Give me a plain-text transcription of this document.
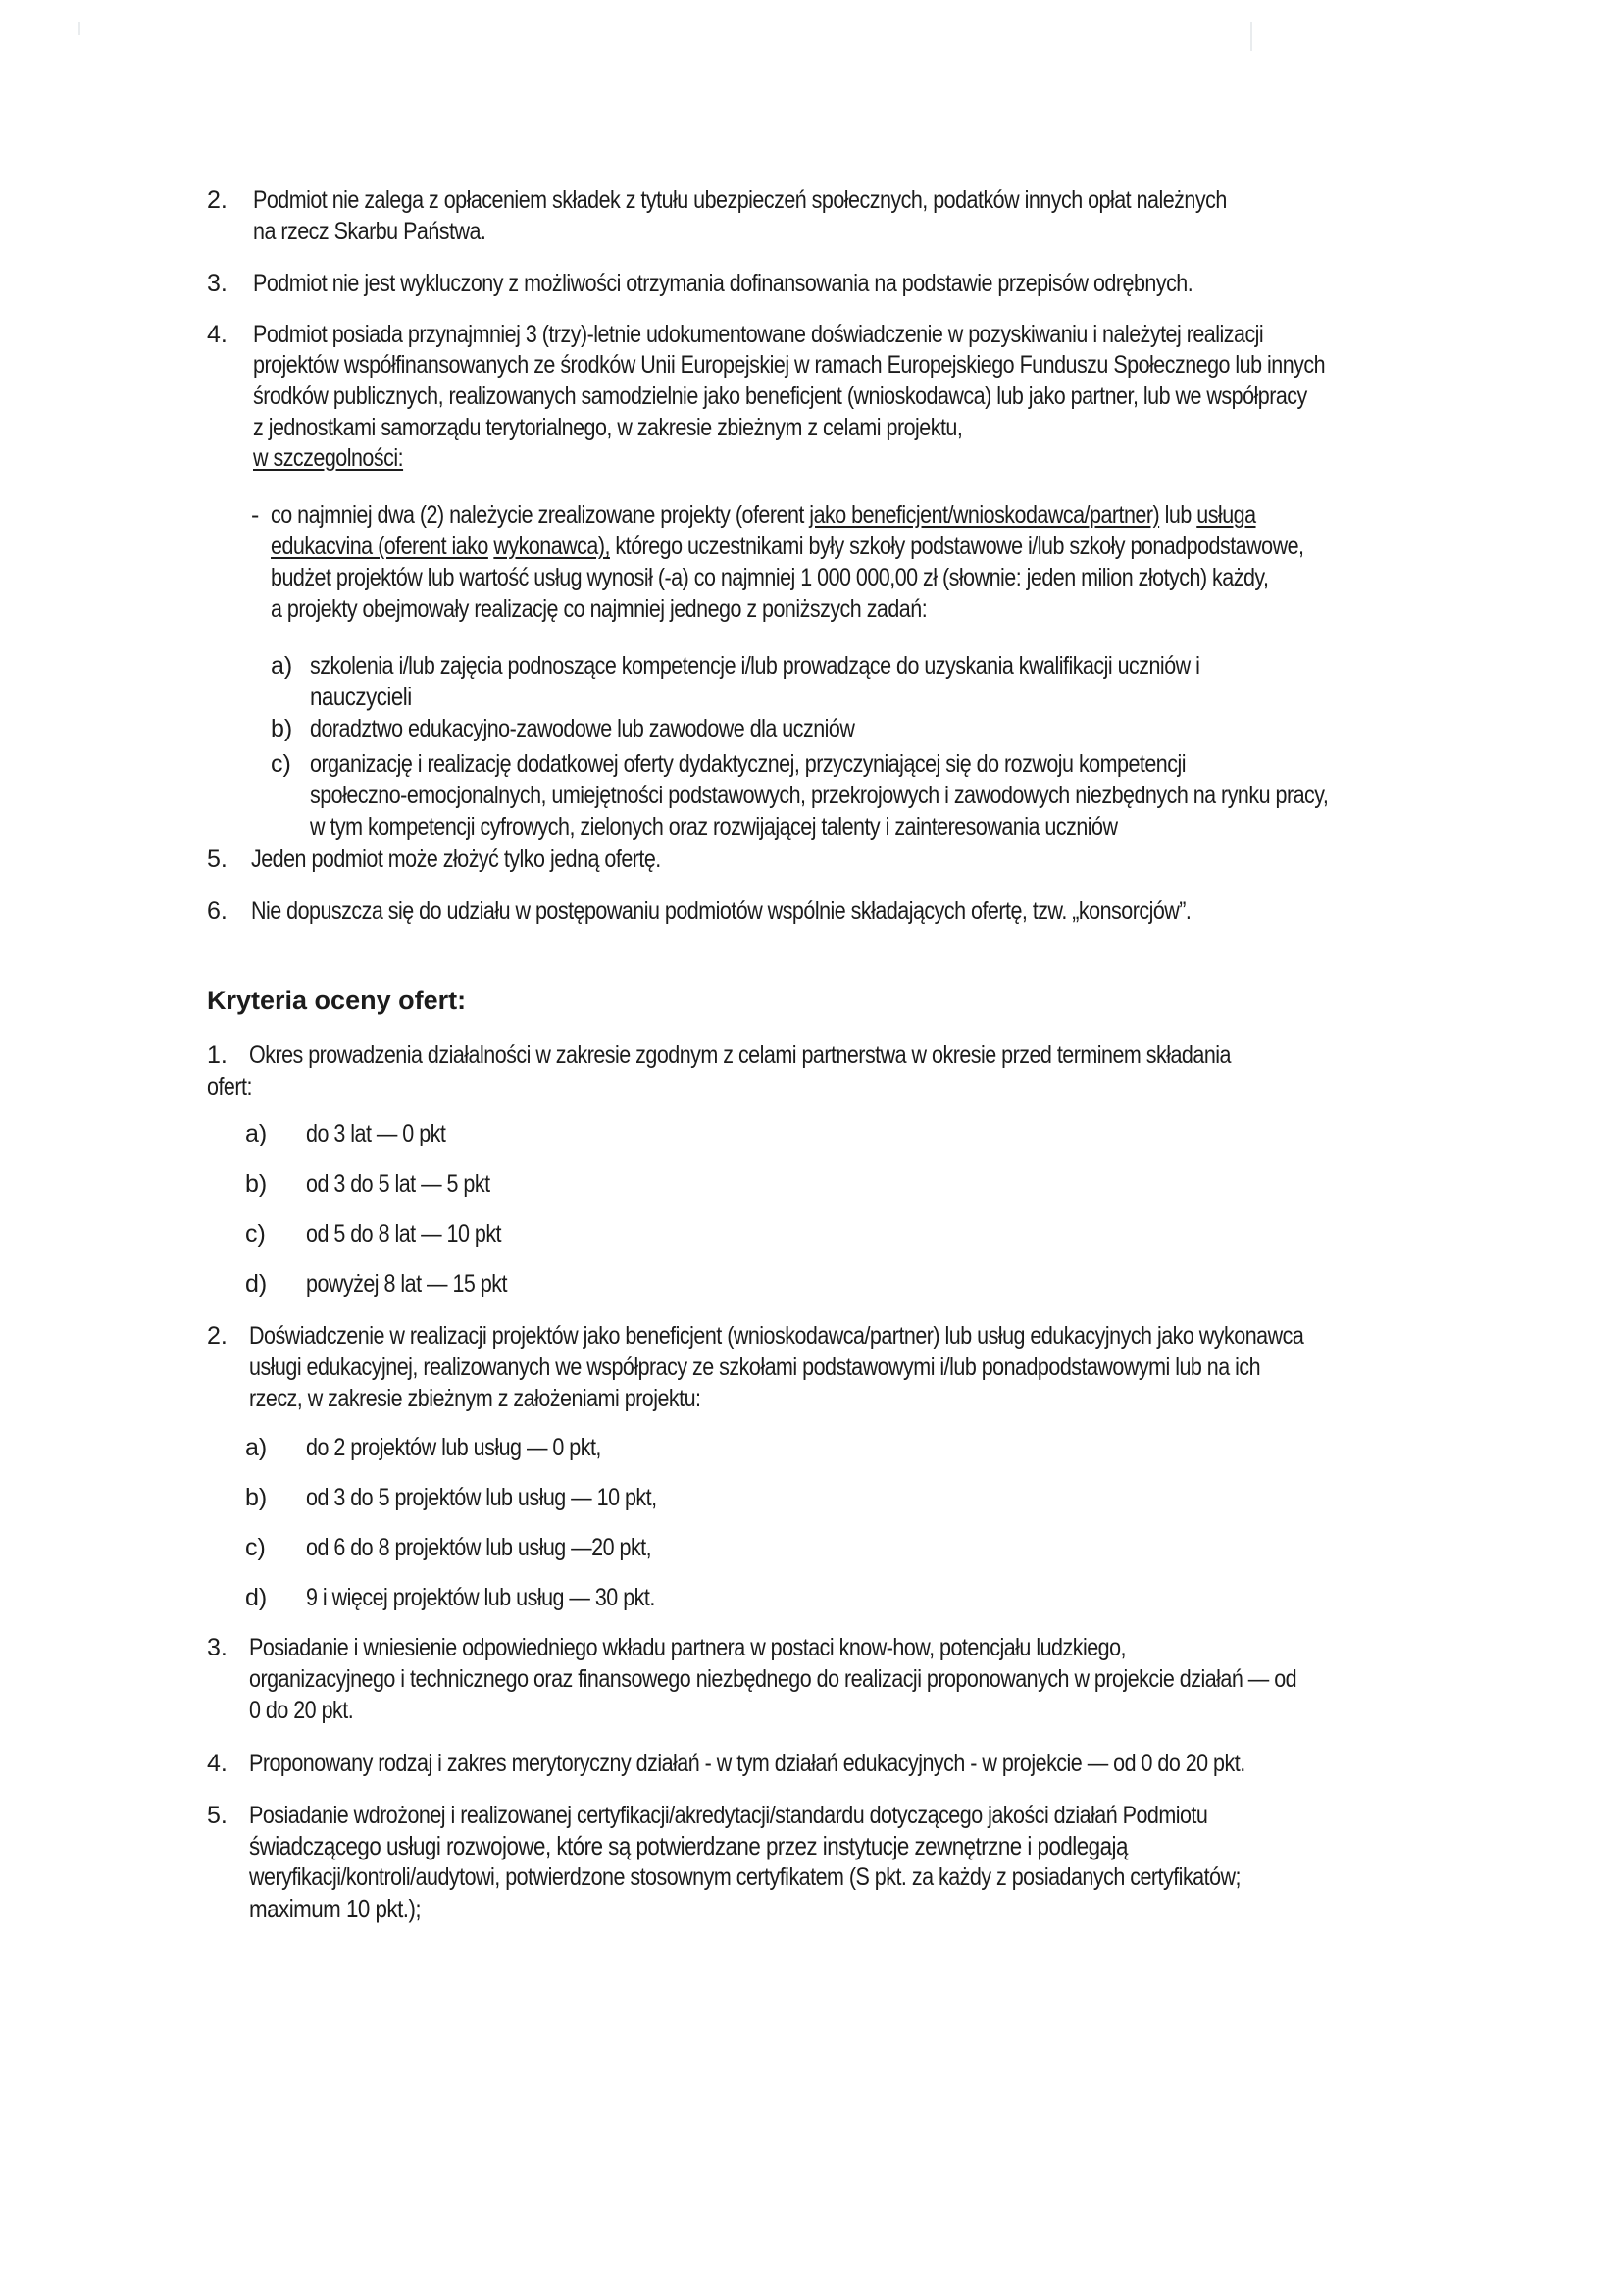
2. Podmiot nie zalega z opłaceniem składek z tytułu ubezpieczeń społecznych, podatków innych opłat należnych
na rzecz Skarbu Państwa.
3. Podmiot nie jest wykluczony z możliwości otrzymania dofinansowania na podstawie przepisów odrębnych.
4. Podmiot posiada przynajmniej 3 (trzy)-letnie udokumentowane doświadczenie w pozyskiwaniu i należytej realizacji
projektów współfinansowanych ze środków Unii Europejskiej w ramach Europejskiego Funduszu Społecznego lub innych
środków publicznych, realizowanych samodzielnie jako beneficjent (wnioskodawca) lub jako partner, lub we współpracy
z jednostkami samorządu terytorialnego, w zakresie zbieżnym z celami projektu,
w szczegolności:
- co najmniej dwa (2) należycie zrealizowane projekty (oferent jako beneficjent/wnioskodawca/partner) lub usługa
edukacvina (oferent iako wykonawca), którego uczestnikami były szkoły podstawowe i/lub szkoły ponadpodstawowe,
budżet projektów lub wartość usług wynosił (-a) co najmniej 1 000 000,00 zł (słownie: jeden milion złotych) każdy,
a projekty obejmowały realizację co najmniej jednego z poniższych zadań:
a) szkolenia i/lub zajęcia podnoszące kompetencje i/lub prowadzące do uzyskania kwalifikacji uczniów i
nauczycieli
b) doradztwo edukacyjno-zawodowe lub zawodowe dla uczniów
c) organizację i realizację dodatkowej oferty dydaktycznej, przyczyniającej się do rozwoju kompetencji
społeczno-emocjonalnych, umiejętności podstawowych, przekrojowych i zawodowych niezbędnych na rynku pracy,
w tym kompetencji cyfrowych, zielonych oraz rozwijającej talenty i zainteresowania uczniów
5. Jeden podmiot może złożyć tylko jedną ofertę.
6. Nie dopuszcza się do udziału w postępowaniu podmiotów wspólnie składających ofertę, tzw. „konsorcjów”.
Kryteria oceny ofert:
1. Okres prowadzenia działalności w zakresie zgodnym z celami partnerstwa w okresie przed terminem składania
ofert:
a) do 3 lat — 0 pkt
b) od 3 do 5 lat — 5 pkt
c) od 5 do 8 lat — 10 pkt
d) powyżej 8 lat — 15 pkt
2. Doświadczenie w realizacji projektów jako beneficjent (wnioskodawca/partner) lub usług edukacyjnych jako wykonawca
usługi edukacyjnej, realizowanych we współpracy ze szkołami podstawowymi i/lub ponadpodstawowymi lub na ich
rzecz, w zakresie zbieżnym z założeniami projektu:
a) do 2 projektów lub usług — 0 pkt,
b) od 3 do 5 projektów lub usług — 10 pkt,
c) od 6 do 8 projektów lub usług —20 pkt,
d) 9 i więcej projektów lub usług — 30 pkt.
3. Posiadanie i wniesienie odpowiedniego wkładu partnera w postaci know-how, potencjału ludzkiego,
organizacyjnego i technicznego oraz finansowego niezbędnego do realizacji proponowanych w projekcie działań — od
0 do 20 pkt.
4. Proponowany rodzaj i zakres merytoryczny działań - w tym działań edukacyjnych - w projekcie — od 0 do 20 pkt.
5. Posiadanie wdrożonej i realizowanej certyfikacji/akredytacji/standardu dotyczącego jakości działań Podmiotu
świadczącego usługi rozwojowe, które są potwierdzane przez instytucje zewnętrzne i podlegają
weryfikacji/kontroli/audytowi, potwierdzone stosownym certyfikatem (S pkt. za każdy z posiadanych certyfikatów;
maximum 10 pkt.);
